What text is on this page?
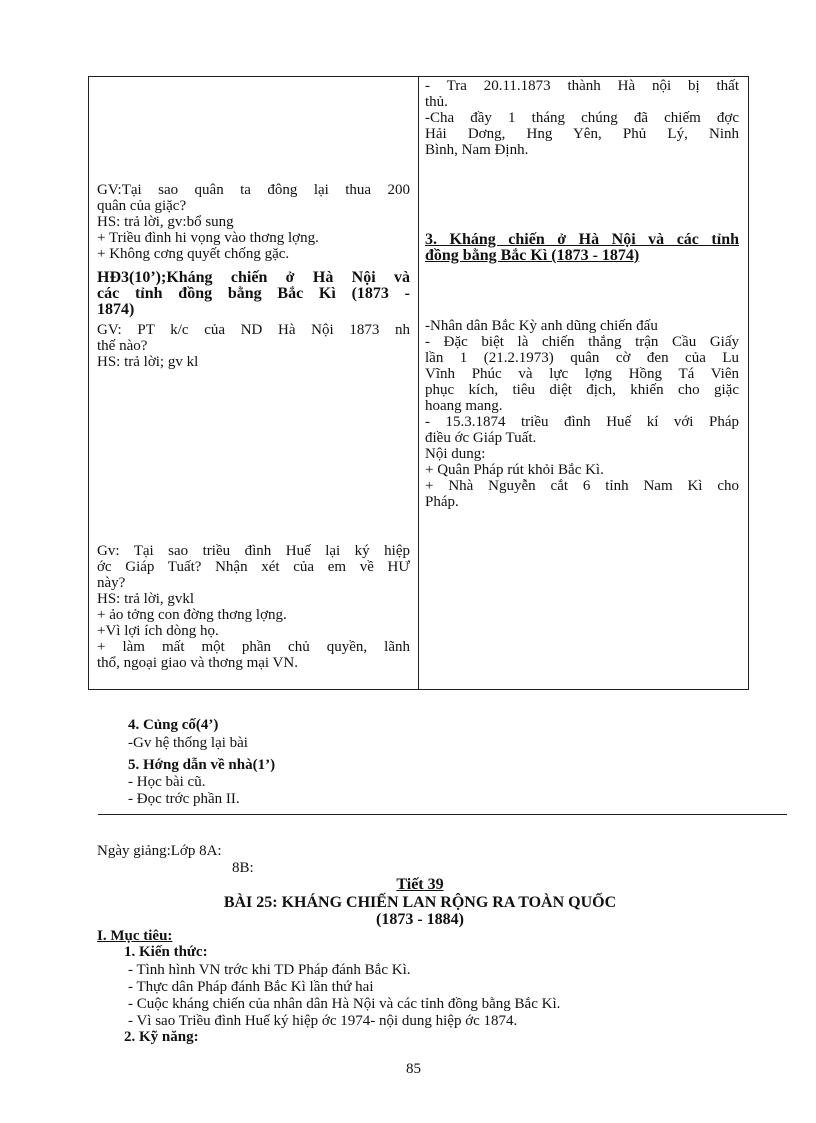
- Tra 20.11.1873 thành Hà nội bị thất
thủ.
-Cha đầy 1 tháng chúng đã chiếm đợc
Hải Dơng, Hng Yên, Phủ Lý, Ninh
Bình, Nam Định.
GV:Tại sao quân ta đông lại thua 200
quân của giặc?
HS: trả lời, gv:bổ sung
+ Triều đình hi vọng vào thơng lợng.
+ Không cơng quyết chống gặc.
HĐ3(10’);Kháng chiến ở Hà Nội và
các tỉnh đồng bằng Bắc Kì (1873 -
1874)
GV: PT k/c của ND Hà Nội 1873 nh
thế nào?
HS: trả lời; gv kl
3. Kháng chiến ở Hà Nội và các tỉnh
đồng bằng Bắc Kì (1873 - 1874)
-Nhân dân Bắc Kỳ anh dũng chiến đấu
- Đặc biệt là chiến thắng trận Cầu Giấy
lần 1 (21.2.1973) quân cờ đen của Lu
Vĩnh Phúc và lực lợng Hồng Tá Viên
phục kích, tiêu diệt địch, khiến cho giặc
hoang mang.
- 15.3.1874 triều đình Huế kí với Pháp
điều ớc Giáp Tuất.
Nội dung:
+ Quân Pháp rút khỏi Bắc Kì.
+ Nhà Nguyễn cắt 6 tỉnh Nam Kì cho
Pháp.
Gv: Tại sao triều đình Huế lại ký hiệp
ớc Giáp Tuất? Nhận xét của em về HƯ
này?
HS: trả lời, gvkl
+ ảo tởng con đờng thơng lợng.
+Vì lợi ích dòng họ.
+ làm mất một phần chủ quyền, lãnh
thổ, ngoại giao và thơng mại VN.
4. Củng cố(4’)
-Gv hệ thống lại bài
5. Hớng dẫn về nhà(1’)
- Học bài cũ.
- Đọc trớc phần II.
Ngày giảng:Lớp 8A:
8B:
Tiết 39
BÀI 25: KHÁNG CHIẾN LAN RỘNG RA TOÀN QUỐC
(1873 - 1884)
I. Mục tiêu:
1. Kiến thức:
- Tình hình VN trớc khi TD Pháp đánh Bắc Kì.
- Thực dân Pháp đánh Bắc Kì lần thứ hai
- Cuộc kháng chiến của nhân dân Hà Nội và các tỉnh đồng bằng Bắc Kì.
- Vì sao Triều đình Huế ký hiệp ớc 1974- nội dung hiệp ớc 1874.
2. Kỹ năng:
85
